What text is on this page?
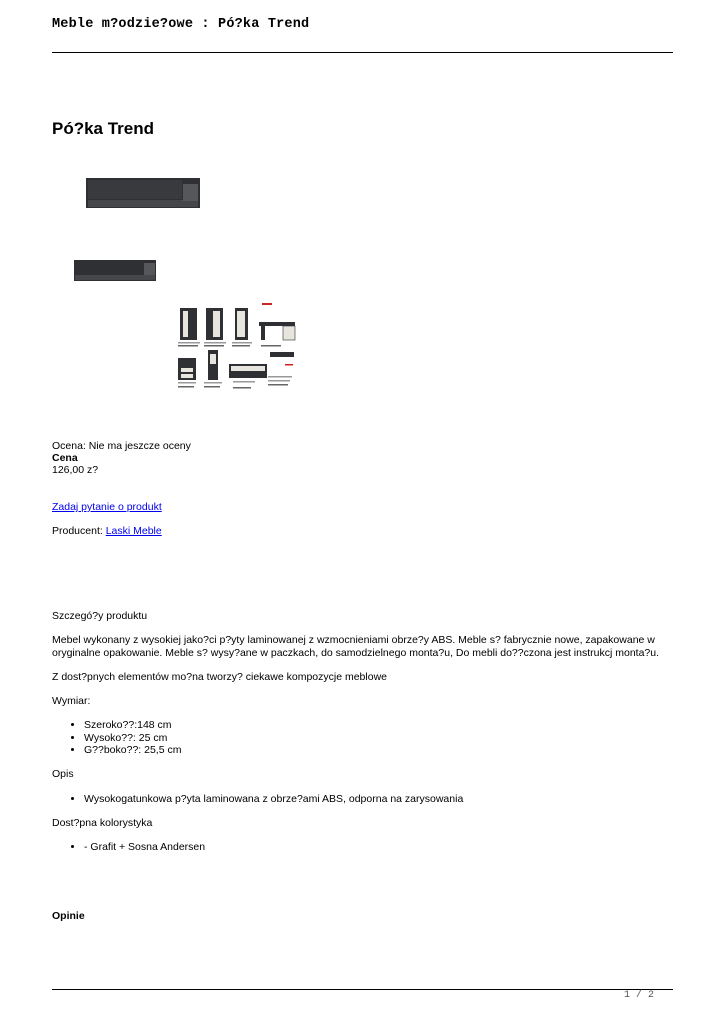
Meble m?odzie?owe : Pó?ka Trend
Pó?ka Trend
Ocena: Nie ma jeszcze oceny
Cena
126,00 z?
Zadaj pytanie o produkt
Producent: Laski Meble
Szczegó?y produktu
Mebel wykonany z wysokiej jako?ci p?yty laminowanej z wzmocnieniami obrze?y ABS. Meble s? fabrycznie nowe, zapakowane w oryginalne opakowanie. Meble s? wysy?ane w paczkach, do samodzielnego monta?u, Do mebli do??czona jest instrukcj monta?u.
Z dost?pnych elementów mo?na tworzy? ciekawe kompozycje meblowe
Wymiar:
• Szeroko??:148 cm
• Wysoko??: 25 cm
• G??boko??: 25,5 cm
Opis
• Wysokogatunkowa p?yta laminowana z obrze?ami ABS, odporna na zarysowania
Dost?pna kolorystyka
• - Grafit + Sosna Andersen
Opinie
1 / 2
